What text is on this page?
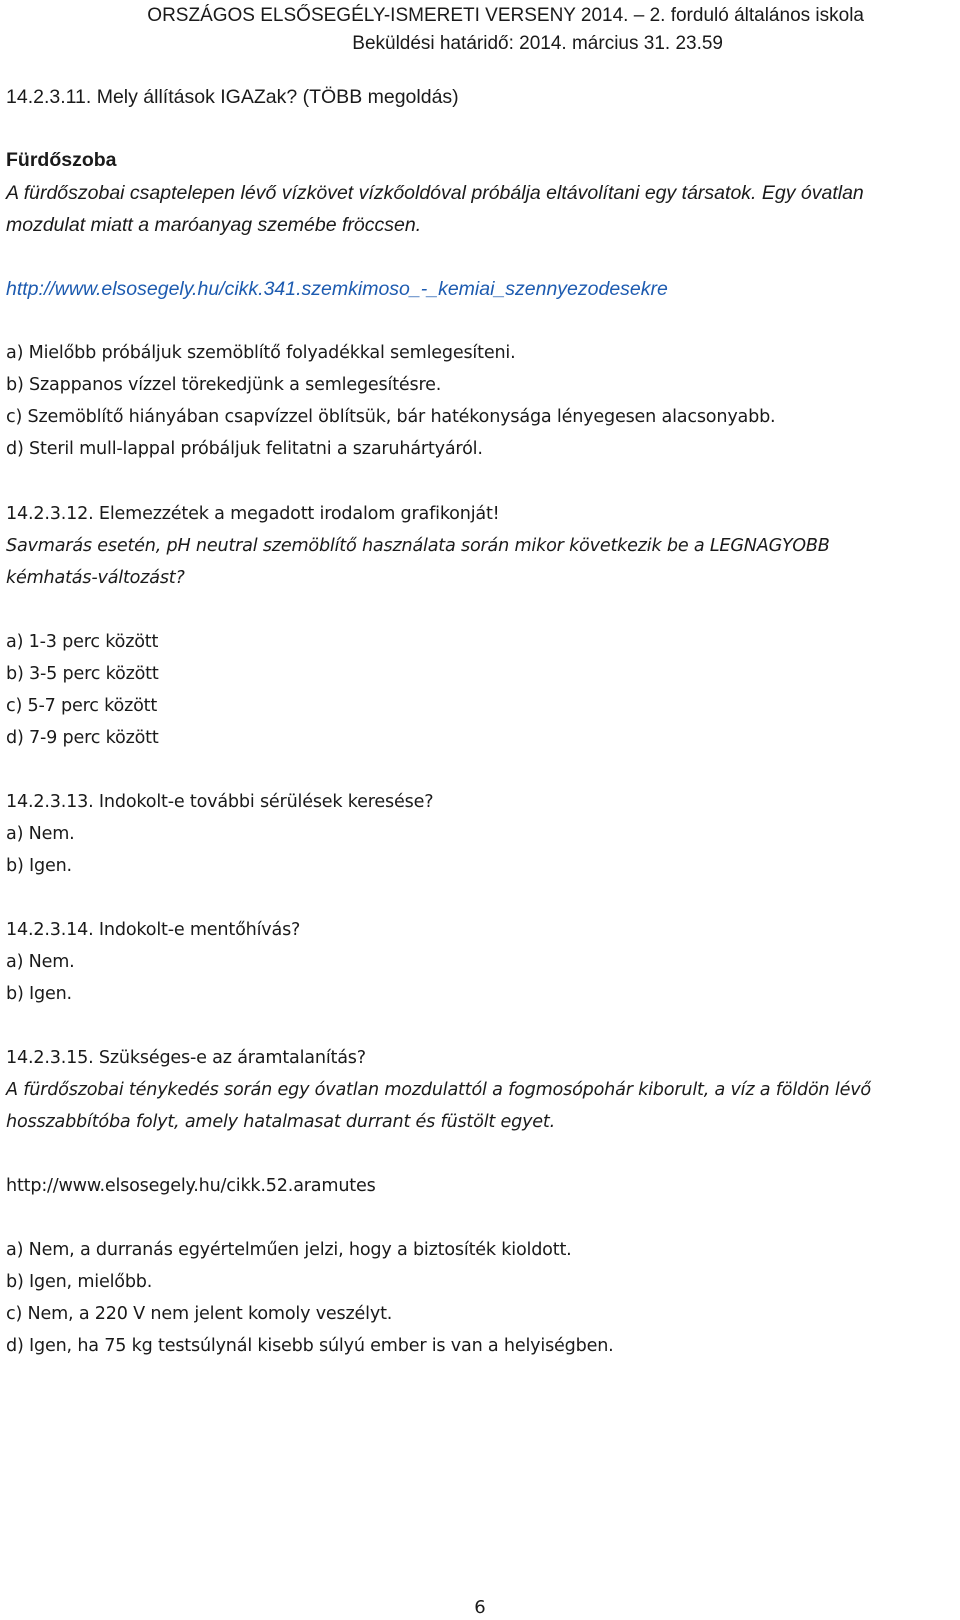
ORSZÁGOS ELSŐSEGÉLY-ISMERETI VERSENY 2014. – 2. forduló általános iskola
Beküldési határidő: 2014. március 31. 23.59
14.2.3.11. Mely állítások IGAZak? (TÖBB megoldás)
Fürdőszoba
A fürdőszobai csaptelepen lévő vízkövet vízkőoldóval próbálja eltávolítani egy társatok. Egy óvatlan
mozdulat miatt a maróanyag szemébe fröccsen.
http://www.elsosegely.hu/cikk.341.szemkimoso_-_kemiai_szennyezodesekre
a) Mielőbb próbáljuk szemöblítő folyadékkal semlegesíteni.
b) Szappanos vízzel törekedjünk a semlegesítésre.
c) Szemöblítő hiányában csapvízzel öblítsük, bár hatékonysága lényegesen alacsonyabb.
d) Steril mull-lappal próbáljuk felitatni a szaruhártyáról.
14.2.3.12. Elemezzétek a megadott irodalom grafikonját!
Savmarás esetén, pH neutral szemöblítő használata során mikor következik be a LEGNAGYOBB
kémhatás-változást?
a) 1-3 perc között
b) 3-5 perc között
c) 5-7 perc között
d) 7-9 perc között
14.2.3.13. Indokolt-e további sérülések keresése?
a) Nem.
b) Igen.
14.2.3.14. Indokolt-e mentőhívás?
a) Nem.
b) Igen.
14.2.3.15. Szükséges-e az áramtalanítás?
A fürdőszobai ténykedés során egy óvatlan mozdulattól a fogmosópohár kiborult, a víz a földön lévő
hosszabbítóba folyt, amely hatalmasat durrant és füstölt egyet.
http://www.elsosegely.hu/cikk.52.aramutes
a) Nem, a durranás egyértelműen jelzi, hogy a biztosíték kioldott.
b) Igen, mielőbb.
c) Nem, a 220 V nem jelent komoly veszélyt.
d) Igen, ha 75 kg testsúlynál kisebb súlyú ember is van a helyiségben.
6
